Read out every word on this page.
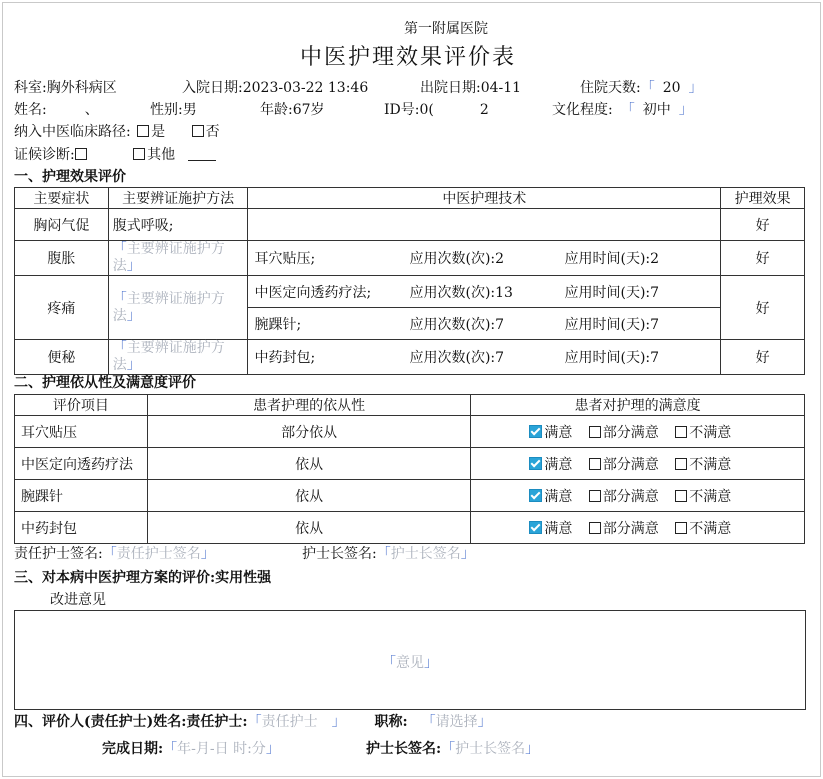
第一附属医院
中医护理效果评价表
科室:胸外科病区	入院日期:2023-03-22 13:46	出院日期:04-11	住院天数:「 20 」
姓名:	、	性别:男	年龄:67岁	ID号:0(	2	文化程度: 「 初中 」
纳入中医临床路径: 是	否
证候诊断:	其他
一、护理效果评价
主要症状	主要辨证施护方法	中医护理技术	护理效果
胸闷气促	腹式呼吸;		好
腹胀	「主要辨证施护方法」	耳穴贴压; 应用次数(次):2 应用时间(天):2	好
疼痛	「主要辨证施护方法」	中医定向透药疗法; 应用次数(次):13 应用时间(天):7	好

		腕踝针; 应用次数(次):7 应用时间(天):7	

便秘	「主要辨证施护方法」	中药封包; 应用次数(次):7 应用时间(天):7	好
二、护理依从性及满意度评价
评价项目	患者护理的依从性	患者对护理的满意度
耳穴贴压	部分依从	满意 部分满意 不满意
中医定向透药疗法	依从	满意 部分满意 不满意
腕踝针	依从	满意 部分满意 不满意
中药封包	依从	满意 部分满意 不满意
责任护士签名:「责任护士签名」	护士长签名:「护士长签名」
三、对本病中医护理方案的评价:实用性强
改进意见
「意见」
四、评价人(责任护士)姓名:责任护士:「责任护士 」 职称: 「请选择」
完成日期:「年-月-日 时:分」	护士长签名:「护士长签名」
